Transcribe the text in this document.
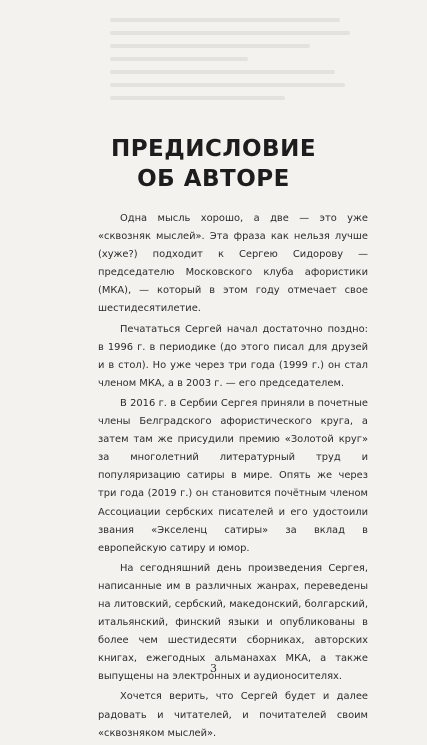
ПРЕДИСЛОВИЕ
ОБ АВТОРЕ

Одна мысль хорошо, а две — это уже «сквозняк мыслей». Эта фраза как нельзя лучше (хуже?) подходит к Сергею Сидорову — председателю Московского клуба афористики (МКА), — который в этом году отмечает свое шестидесятилетие.

Печататься Сергей начал достаточно поздно: в 1996 г. в периодике (до этого писал для друзей и в стол). Но уже через три года (1999 г.) он стал членом МКА, а в 2003 г. — его председателем.

В 2016 г. в Сербии Сергея приняли в почетные члены Белградского афористического круга, а затем там же присудили премию «Золотой круг» за многолетний литературный труд и популяризацию сатиры в мире. Опять же через три года (2019 г.) он становится почётным членом Ассоциации сербских писателей и его удостоили звания «Экселенц сатиры» за вклад в европейскую сатиру и юмор.

На сегодняшний день произведения Сергея, написанные им в различных жанрах, переведены на литовский, сербский, македонский, болгарский, итальянский, финский языки и опубликованы в более чем шестидесяти сборниках, авторских книгах, ежегодных альманахах МКА, а также выпущены на электронных и аудионосителях.

Хочется верить, что Сергей будет и далее радовать и читателей, и почитателей своим «сквозняком мыслей».

3
